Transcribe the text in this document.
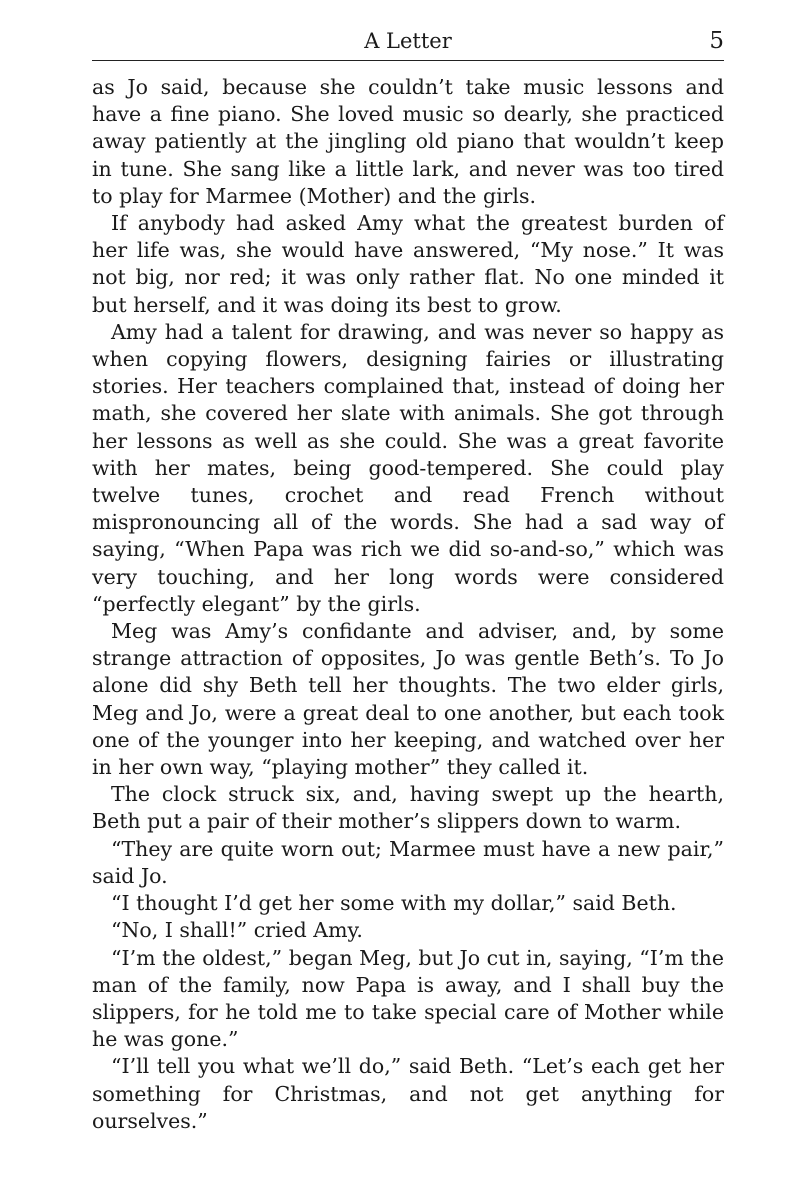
A Letter	5

as Jo said, because she couldn’t take music lessons and have a fine piano. She loved music so dearly, she practiced away patiently at the jingling old piano that wouldn’t keep in tune. She sang like a little lark, and never was too tired to play for Marmee (Mother) and the girls.

If anybody had asked Amy what the greatest burden of her life was, she would have answered, “My nose.” It was not big, nor red; it was only rather flat. No one minded it but herself, and it was doing its best to grow.

Amy had a talent for drawing, and was never so happy as when copying flowers, designing fairies or illustrating stories. Her teachers complained that, instead of doing her math, she covered her slate with animals. She got through her lessons as well as she could. She was a great favorite with her mates, being good-tempered. She could play twelve tunes, crochet and read French without mispronouncing all of the words. She had a sad way of saying, “When Papa was rich we did so-and-so,” which was very touching, and her long words were considered “perfectly elegant” by the girls.

Meg was Amy’s confidante and adviser, and, by some strange attraction of opposites, Jo was gentle Beth’s. To Jo alone did shy Beth tell her thoughts. The two elder girls, Meg and Jo, were a great deal to one another, but each took one of the younger into her keeping, and watched over her in her own way, “playing mother” they called it.

The clock struck six, and, having swept up the hearth, Beth put a pair of their mother’s slippers down to warm.

“They are quite worn out; Marmee must have a new pair,” said Jo.

“I thought I’d get her some with my dollar,” said Beth.

“No, I shall!” cried Amy.

“I’m the oldest,” began Meg, but Jo cut in, saying, “I’m the man of the family, now Papa is away, and I shall buy the slippers, for he told me to take special care of Mother while he was gone.”

“I’ll tell you what we’ll do,” said Beth. “Let’s each get her something for Christmas, and not get anything for ourselves.”
